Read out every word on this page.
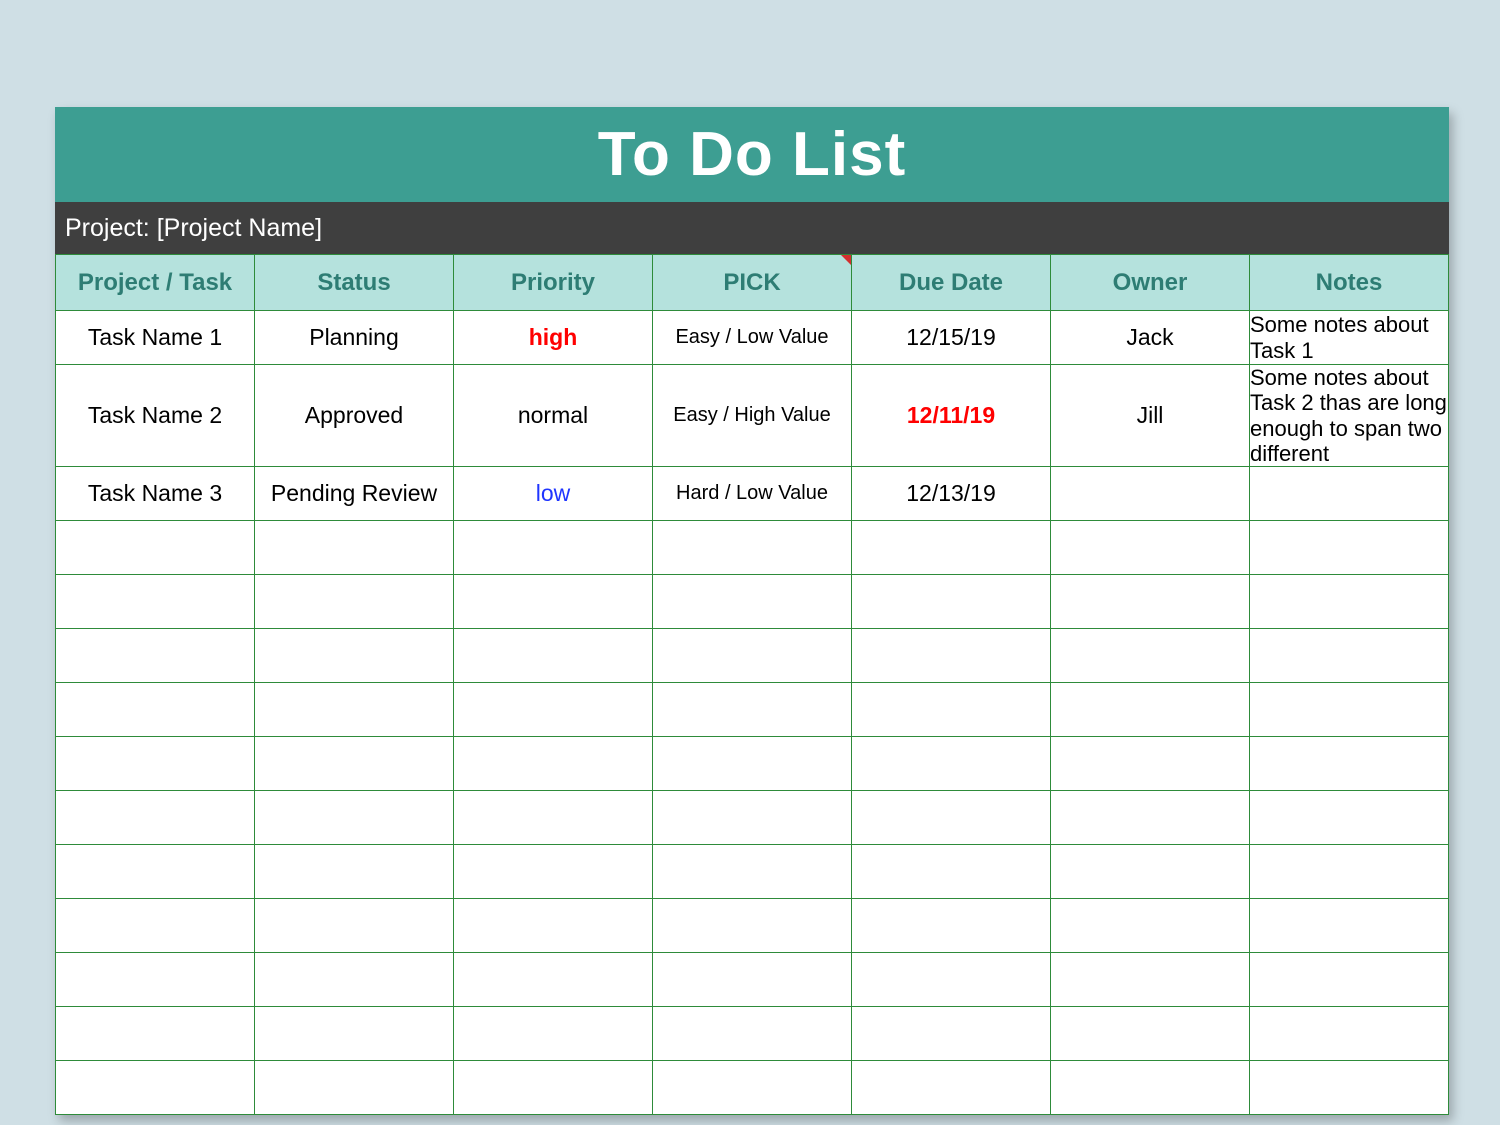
To Do List
Project: [Project Name]
Project / Task	Status	Priority	PICK	Due Date	Owner	Notes
Task Name 1	Planning	high	Easy / Low Value	12/15/19	Jack	Some notes about Task 1
Task Name 2	Approved	normal	Easy / High Value	12/11/19	Jill	Some notes about Task 2 thas are long enough to span two different
Task Name 3	Pending Review	low	Hard / Low Value	12/13/19		
